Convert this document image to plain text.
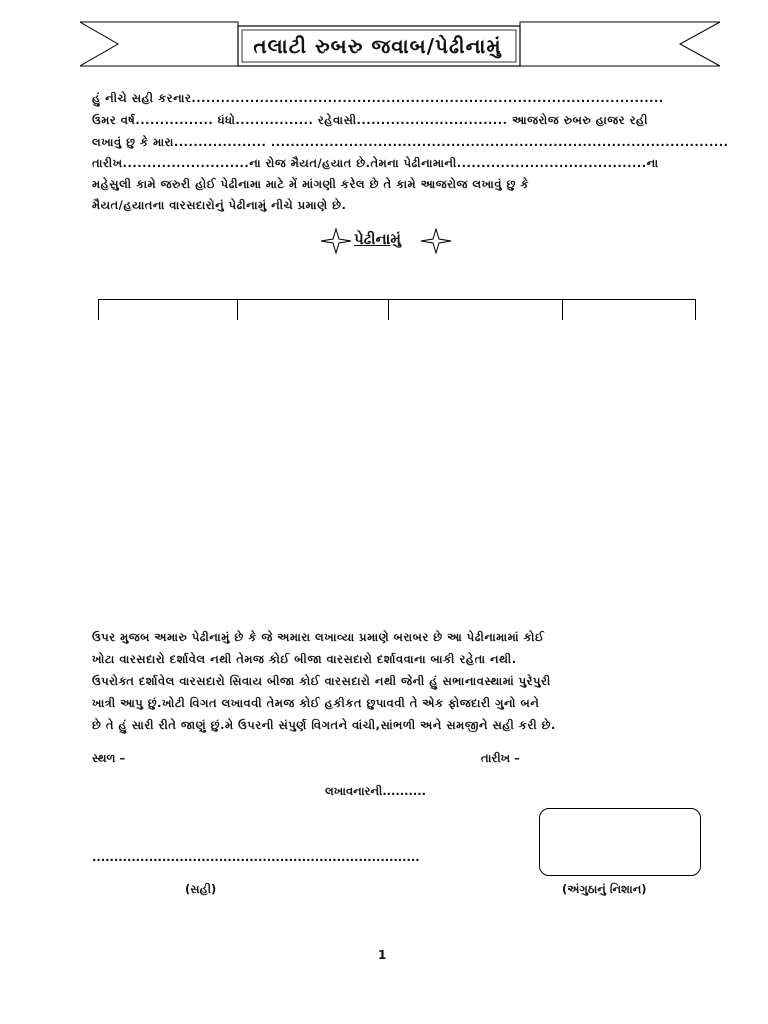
તલાટી રુબરુ જવાબ/પેઢીનામું
હું નીચે સહી કરનાર.................................................................................................
ઉમર વર્ષ................ ધંધો................ રહેવાસી............................... આજરોજ રુબરુ હાજર રહી
લખાવું છુ કે મારા................... ..............................................................................................
તારીખ..........................ના રોજ મૈયત/હયાત છે.તેમના પેઢીનામાની.......................................ના
મહેસુલી કામે જરુરી હોઈ પેઢીનામા માટે મેં માંગણી કરેલ છે તે કામે આજરોજ લખાવું છુ કે
મૈયત/હયાતના વારસદારોનું પેઢીનામું નીચે પ્રમાણે છે.
પેઢીનામું
ઉપર મુજબ અમારુ પેઢીનામું છે કે જે અમારા લખાવ્યા પ્રમાણે બરાબર છે આ પેઢીનામામાં કોઈ
ખોટા વારસદારો દર્શાવેલ નથી તેમજ કોઈ બીજા વારસદારો દર્શાવવાના બાકી રહેતા નથી.
ઉપરોક્ત દર્શાવેલ વારસદારો સિવાય બીજા કોઈ વારસદારો નથી જેની હું સભાનાવસ્થામાં પુરેપુરી
ખાત્રી આપુ છું.ખોટી વિગત લખાવવી તેમજ કોઈ હકીકત છુપાવવી તે એક ફોજદારી ગુનો બને
છે તે હું સારી રીતે જાણું છું.મે ઉપરની સંપુર્ણ વિગતને વાંચી,સાંભળી અને સમજીને સહી કરી છે.
સ્થળ –	તારીખ –
લખાવનારની..........
...........................................................................
(સહી)	(અંગુઠાનું નિશાન)
1
